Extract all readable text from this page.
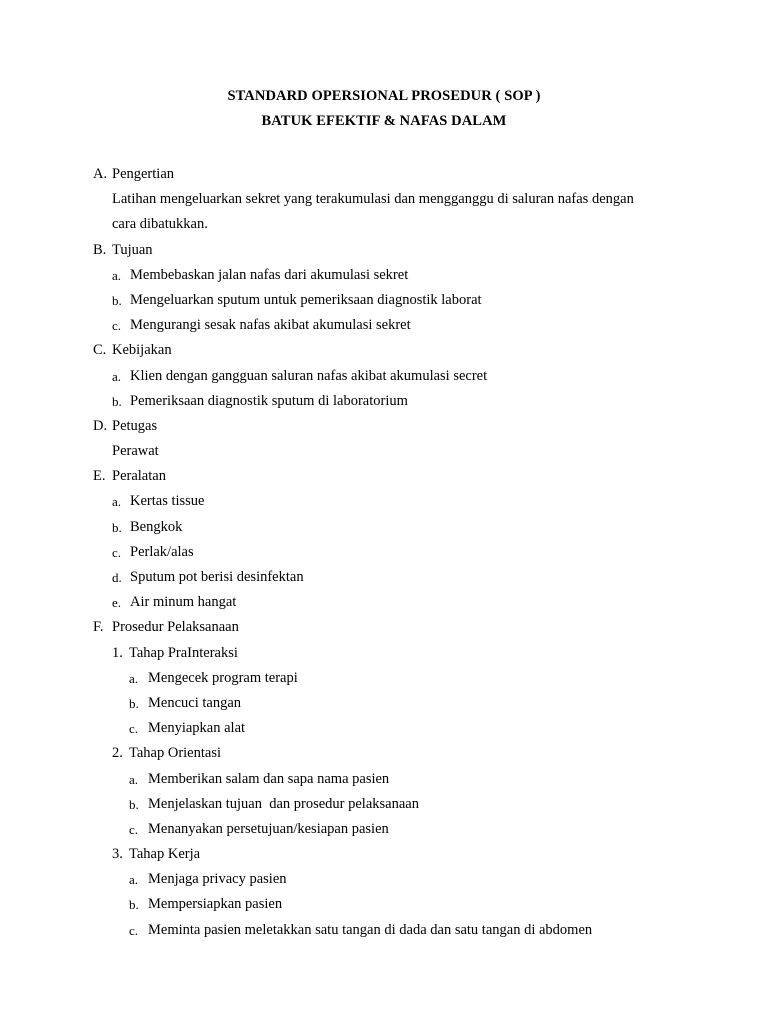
STANDARD OPERSIONAL PROSEDUR ( SOP )
BATUK EFEKTIF & NAFAS DALAM
A. Pengertian
Latihan mengeluarkan sekret yang terakumulasi dan mengganggu di saluran nafas dengan
cara dibatukkan.
B. Tujuan
a. Membebaskan jalan nafas dari akumulasi sekret
b. Mengeluarkan sputum untuk pemeriksaan diagnostik laborat
c. Mengurangi sesak nafas akibat akumulasi sekret
C. Kebijakan
a. Klien dengan gangguan saluran nafas akibat akumulasi secret
b. Pemeriksaan diagnostik sputum di laboratorium
D. Petugas
Perawat
E. Peralatan
a. Kertas tissue
b. Bengkok
c. Perlak/alas
d. Sputum pot berisi desinfektan
e. Air minum hangat
F. Prosedur Pelaksanaan
1. Tahap PraInteraksi
a. Mengecek program terapi
b. Mencuci tangan
c. Menyiapkan alat
2. Tahap Orientasi
a. Memberikan salam dan sapa nama pasien
b. Menjelaskan tujuan  dan prosedur pelaksanaan
c. Menanyakan persetujuan/kesiapan pasien
3. Tahap Kerja
a. Menjaga privacy pasien
b. Mempersiapkan pasien
c. Meminta pasien meletakkan satu tangan di dada dan satu tangan di abdomen
